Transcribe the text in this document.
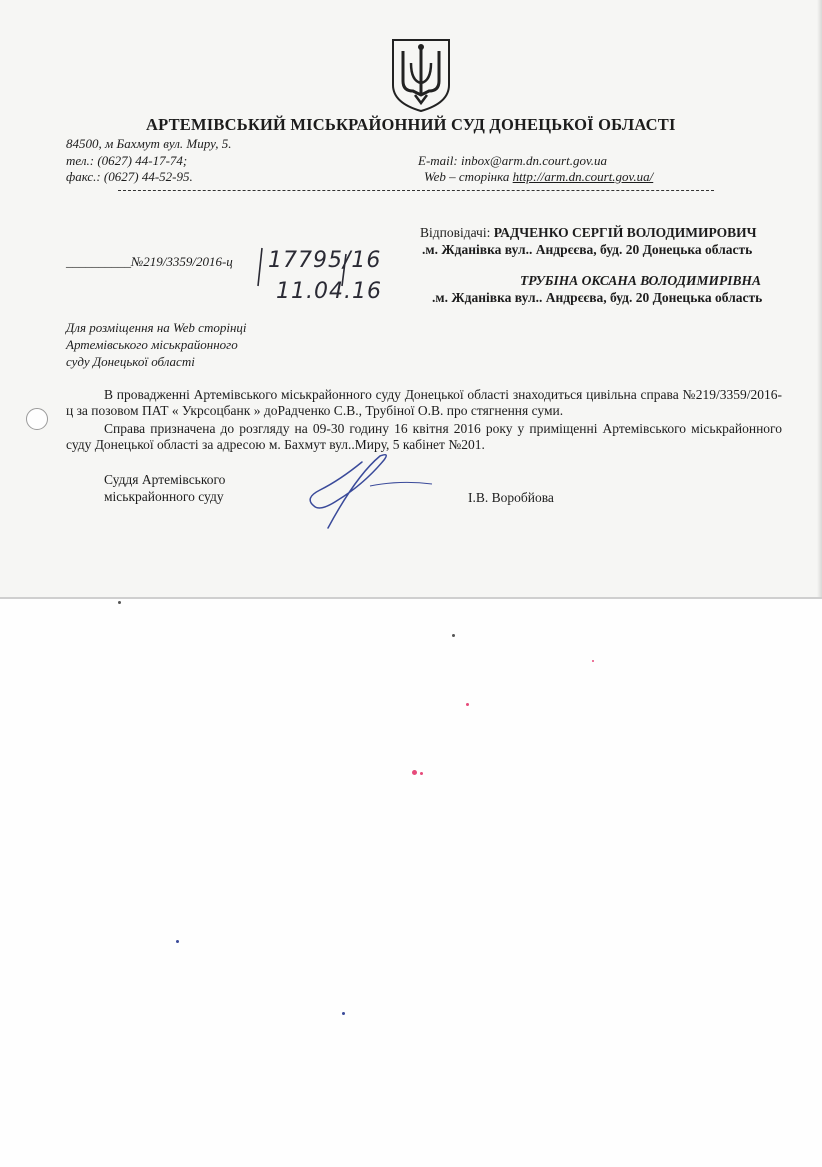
АРТЕМІВСЬКИЙ МІСЬКРАЙОННИЙ СУД ДОНЕЦЬКОЇ ОБЛАСТІ
84500, м Бахмут вул. Миру, 5.
тел.: (0627) 44-17-74;
факс.: (0627) 44-52-95.
E-mail: inbox@arm.dn.court.gov.ua
Web – сторінка http://arm.dn.court.gov.ua/
Відповідачі: РАДЧЕНКО СЕРГІЙ ВОЛОДИМИРОВИЧ
.м. Жданівка вул.. Андрєєва, буд. 20 Донецька область
ТРУБІНА ОКСАНА ВОЛОДИМИРІВНА
.м. Жданівка вул.. Андрєєва, буд. 20 Донецька область
__________№219/3359/2016-ц 17795/16
11.04.16
Для розміщення на Web сторінці
Артемівського міськрайонного
суду Донецької області
В провадженні Артемівського міськрайонного суду Донецької області знаходиться цивільна справа №219/3359/2016-ц за позовом ПАТ « Укрсоцбанк » доРадченко С.В., Трубіної О.В. про стягнення суми.
Справа призначена до розгляду на 09-30 годину 16 квітня 2016 року у приміщенні Артемівського міськрайонного суду Донецької області за адресою м. Бахмут вул..Миру, 5 кабінет №201.
Суддя Артемівського
міськрайонного суду	І.В. Воробйова
